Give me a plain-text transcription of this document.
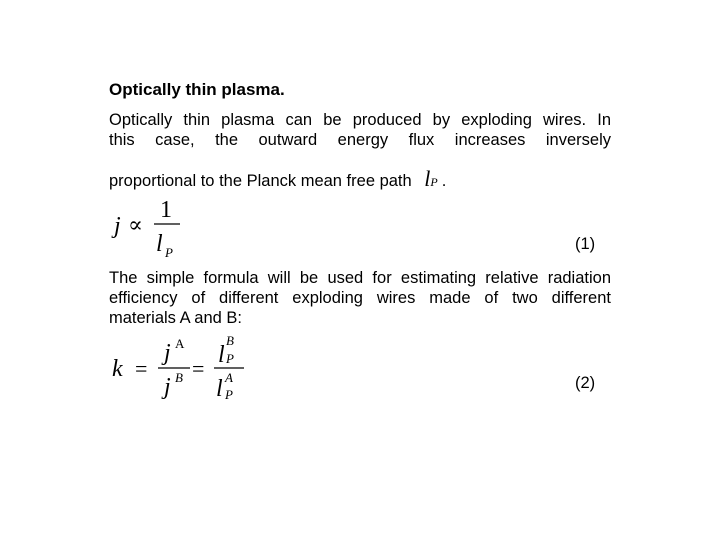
Optically thin plasma.
Optically thin plasma can be produced by exploding wires. In
this case, the outward energy flux increases inversely
proportional to the Planck mean free path lP .
j ∝
1
l P	(1)
The simple formula will be used for estimating relative radiation
efficiency of different exploding wires made of two different
materials A and B:
k =
j A
j B =
l
B
P
l A
P
(2)
